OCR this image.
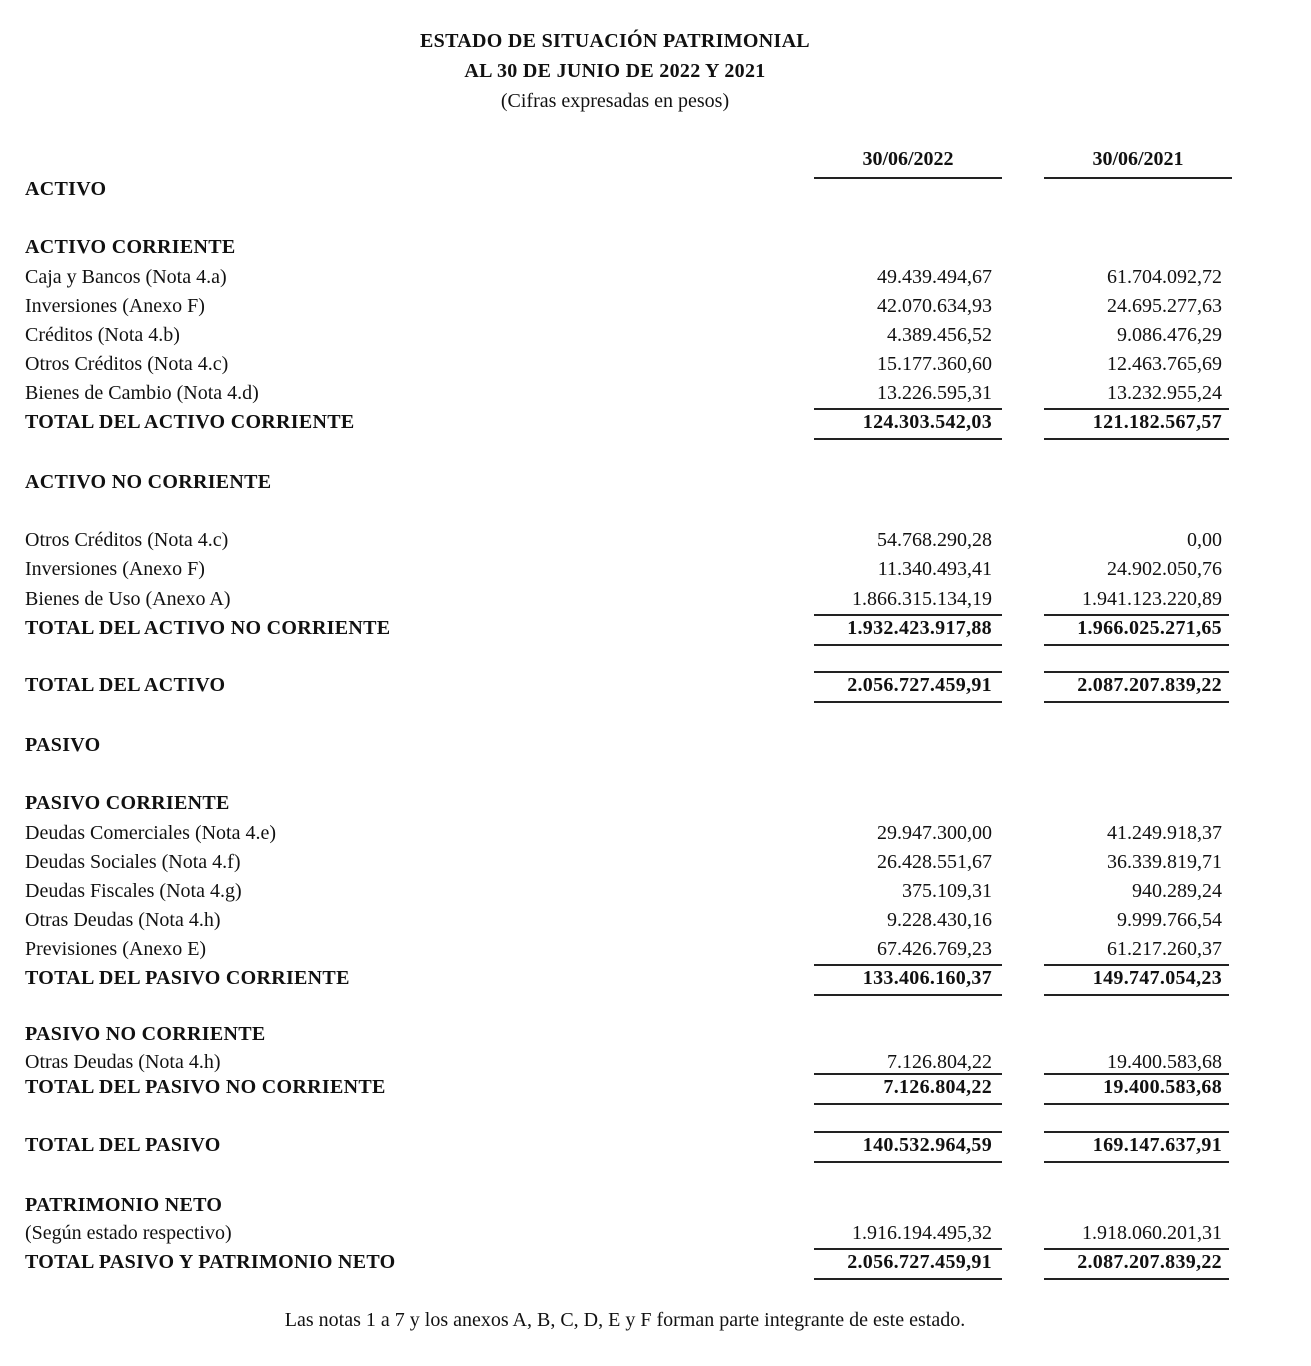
ESTADO DE SITUACIÓN PATRIMONIAL
AL 30 DE JUNIO DE 2022 Y 2021
(Cifras expresadas en pesos)
30/06/2022	30/06/2021
ACTIVO
ACTIVO CORRIENTE
Caja y Bancos (Nota 4.a)	49.439.494,67	61.704.092,72
Inversiones (Anexo F)	42.070.634,93	24.695.277,63
Créditos (Nota 4.b)	4.389.456,52	9.086.476,29
Otros Créditos (Nota 4.c)	15.177.360,60	12.463.765,69
Bienes de Cambio (Nota 4.d)	13.226.595,31	13.232.955,24
TOTAL DEL ACTIVO CORRIENTE	124.303.542,03	121.182.567,57
ACTIVO NO CORRIENTE
Otros Créditos (Nota 4.c)	54.768.290,28	0,00
Inversiones (Anexo F)	11.340.493,41	24.902.050,76
Bienes de Uso (Anexo A)	1.866.315.134,19	1.941.123.220,89
TOTAL DEL ACTIVO NO CORRIENTE	1.932.423.917,88	1.966.025.271,65
TOTAL DEL ACTIVO	2.056.727.459,91	2.087.207.839,22
PASIVO
PASIVO CORRIENTE
Deudas Comerciales (Nota 4.e)	29.947.300,00	41.249.918,37
Deudas Sociales (Nota 4.f)	26.428.551,67	36.339.819,71
Deudas Fiscales (Nota 4.g)	375.109,31	940.289,24
Otras Deudas (Nota 4.h)	9.228.430,16	9.999.766,54
Previsiones (Anexo E)	67.426.769,23	61.217.260,37
TOTAL DEL PASIVO CORRIENTE	133.406.160,37	149.747.054,23
PASIVO NO CORRIENTE
Otras Deudas (Nota 4.h)	7.126.804,22	19.400.583,68
TOTAL DEL PASIVO NO CORRIENTE	7.126.804,22	19.400.583,68
TOTAL DEL PASIVO	140.532.964,59	169.147.637,91
PATRIMONIO NETO
(Según estado respectivo)	1.916.194.495,32	1.918.060.201,31
TOTAL PASIVO Y PATRIMONIO NETO	2.056.727.459,91	2.087.207.839,22
Las notas 1 a 7 y los anexos A, B, C, D, E y F forman parte integrante de este estado.
